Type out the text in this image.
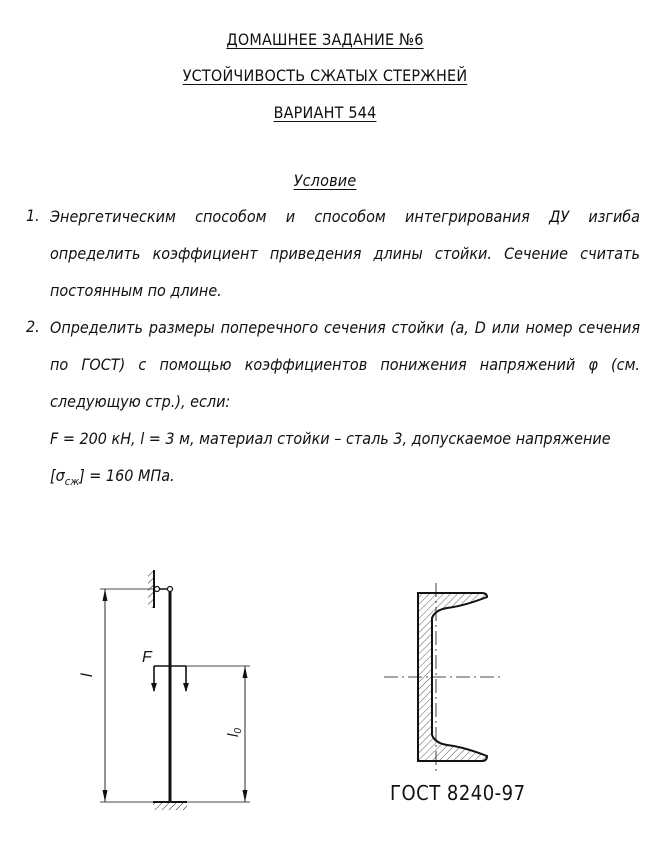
ДОМАШНЕЕ ЗАДАНИЕ №6
УСТОЙЧИВОСТЬ СЖАТЫХ СТЕРЖНЕЙ
ВАРИАНТ 544
Условие
1. Энергетическим способом и способом интегрирования ДУ изгиба определить коэффициент приведения длины стойки. Сечение считать постоянным по длине.
2. Определить размеры поперечного сечения стойки (a, D или номер сечения по ГОСТ) с помощью коэффициентов понижения напряжений φ (см. следующую стр.), если:
F = 200 кН, l = 3 м, материал стойки – сталь 3, допускаемое напряжение
$[\sigma_{сж}] = 160$ МПа.
F
l
$l_0$
ГОСТ 8240-97
